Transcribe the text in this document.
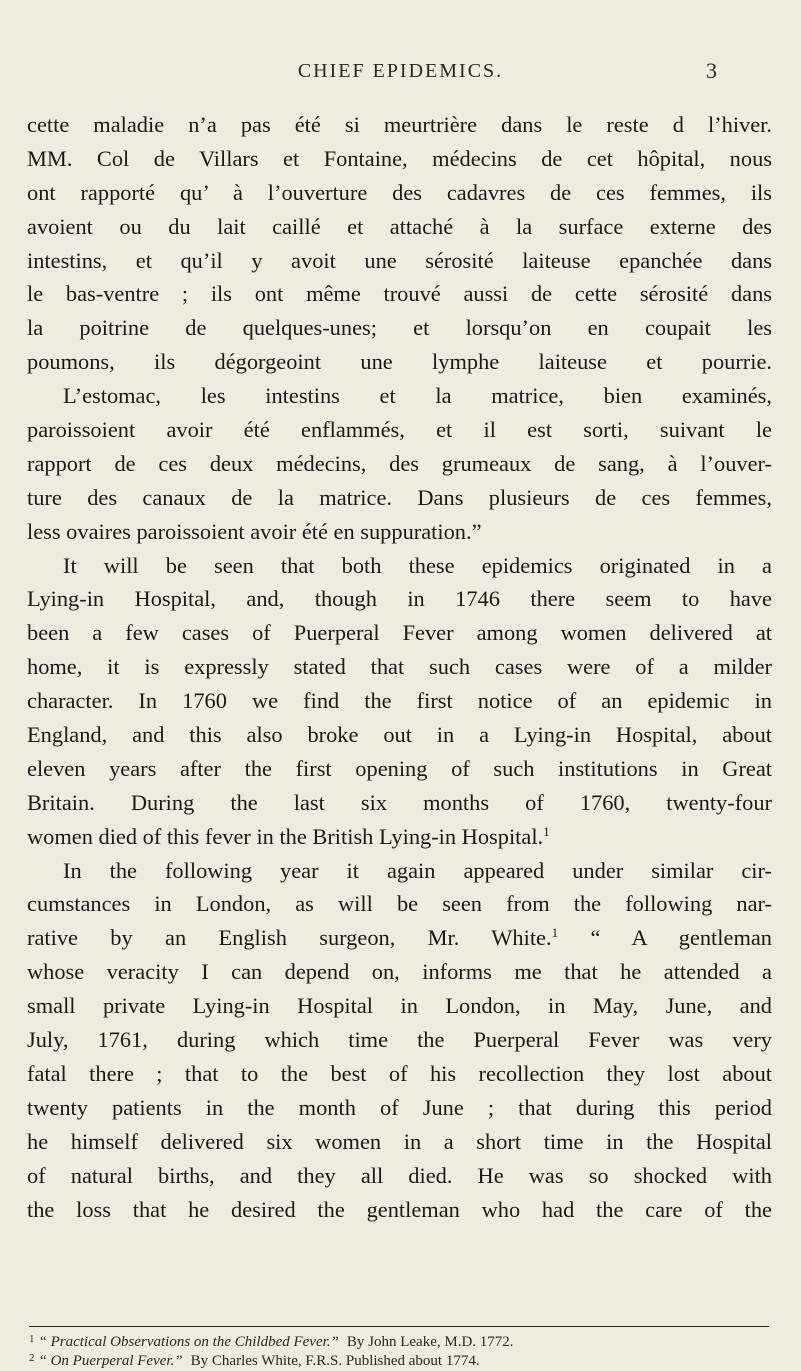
CHIEF EPIDEMICS.	3
cette maladie n’a pas été si meurtrière dans le reste d l’hiver.
MM. Col de Villars et Fontaine, médecins de cet hôpital, nous
ont rapporté qu’ à l’ouverture des cadavres de ces femmes, ils
avoient ou du lait caillé et attaché à la surface externe des
intestins, et qu’il y avoit une sérosité laiteuse epanchée dans
le bas-ventre ; ils ont même trouvé aussi de cette sérosité dans
la poitrine de quelques-unes; et lorsqu’on en coupait les
poumons, ils dégorgeoint une lymphe laiteuse et pourrie.
L’estomac, les intestins et la matrice, bien examinés,
paroissoient avoir été enflammés, et il est sorti, suivant le
rapport de ces deux médecins, des grumeaux de sang, à l’ouver-
ture des canaux de la matrice. Dans plusieurs de ces femmes,
less ovaires paroissoient avoir été en suppuration.”
It will be seen that both these epidemics originated in a
Lying-in Hospital, and, though in 1746 there seem to have
been a few cases of Puerperal Fever among women delivered at
home, it is expressly stated that such cases were of a milder
character. In 1760 we find the first notice of an epidemic in
England, and this also broke out in a Lying-in Hospital, about
eleven years after the first opening of such institutions in Great
Britain. During the last six months of 1760, twenty-four
women died of this fever in the British Lying-in Hospital.$^1$
In the following year it again appeared under similar cir-
cumstances in London, as will be seen from the following nar-
rative by an English surgeon, Mr. White.$^1$ “ A gentleman
whose veracity I can depend on, informs me that he attended a
small private Lying-in Hospital in London, in May, June, and
July, 1761, during which time the Puerperal Fever was very
fatal there ; that to the best of his recollection they lost about
twenty patients in the month of June ; that during this period
he himself delivered six women in a short time in the Hospital
of natural births, and they all died. He was so shocked with
the loss that he desired the gentleman who had the care of the
$^1$ “ Practical Observations on the Childbed Fever.” By John Leake, M.D. 1772.
$^2$ “ On Puerperal Fever.” By Charles White, F.R.S. Published about 1774.
